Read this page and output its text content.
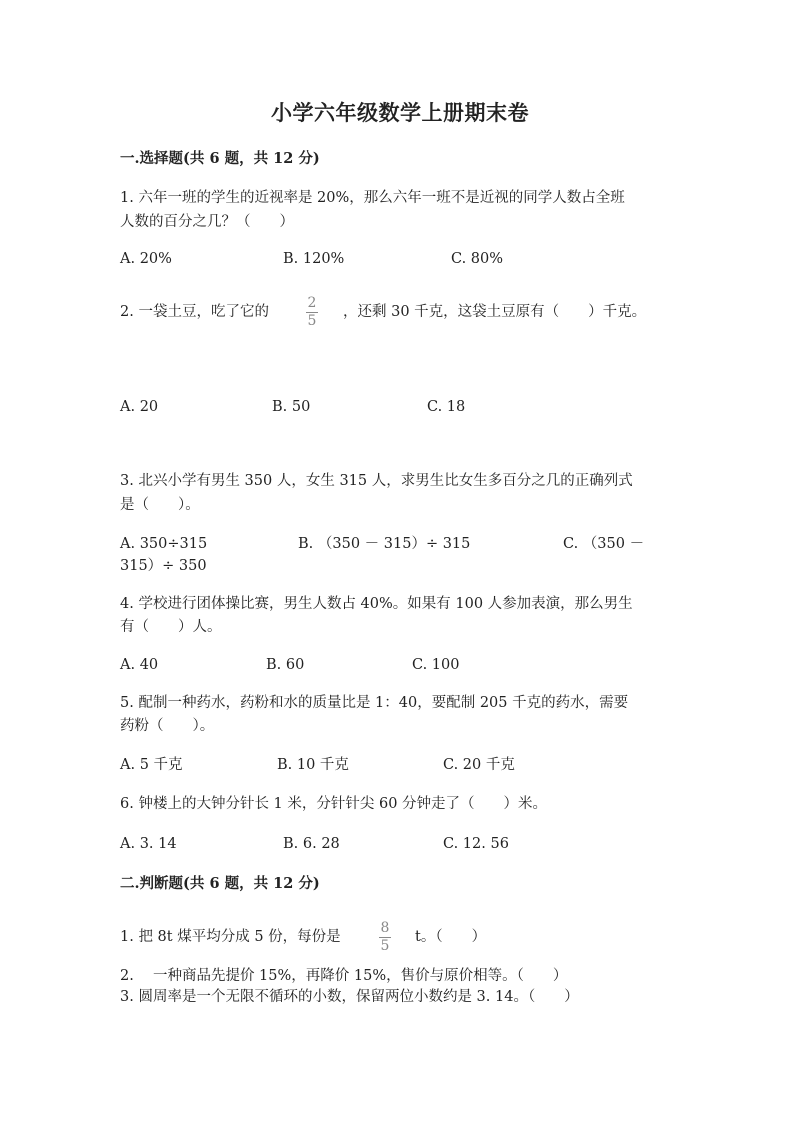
小学六年级数学上册期末卷
一.选择题(共 6 题，共 12 分)
1. 六年一班的学生的近视率是 20%，那么六年一班不是近视的同学人数占全班
人数的百分之几？（　　）
A. 20%	B. 120%	C. 80%
2. 一袋土豆，吃了它的
2
5
，还剩 30 千克，这袋土豆原有（　　）千克。
A. 20	B. 50	C. 18
3. 北兴小学有男生 350 人，女生 315 人，求男生比女生多百分之几的正确列式
是（　　）。
A. 350÷315	B. （350 － 315）÷ 315	C. （350 －
315）÷ 350
4. 学校进行团体操比赛，男生人数占 40%。如果有 100 人参加表演，那么男生
有（　　）人。
A. 40	B. 60	C. 100
5. 配制一种药水，药粉和水的质量比是 1：40，要配制 205 千克的药水，需要
药粉（　　）。
A. 5 千克	B. 10 千克	C. 20 千克
6. 钟楼上的大钟分针长 1 米，分针针尖 60 分钟走了（　　）米。
A. 3. 14	B. 6. 28	C. 12. 56
二.判断题(共 6 题，共 12 分)
1. 把 8t 煤平均分成 5 份，每份是
8
5
t。（　　）
2.　 一种商品先提价 15%，再降价 15%，售价与原价相等。（　　）
3. 圆周率是一个无限不循环的小数，保留两位小数约是 3. 14。（　　）
